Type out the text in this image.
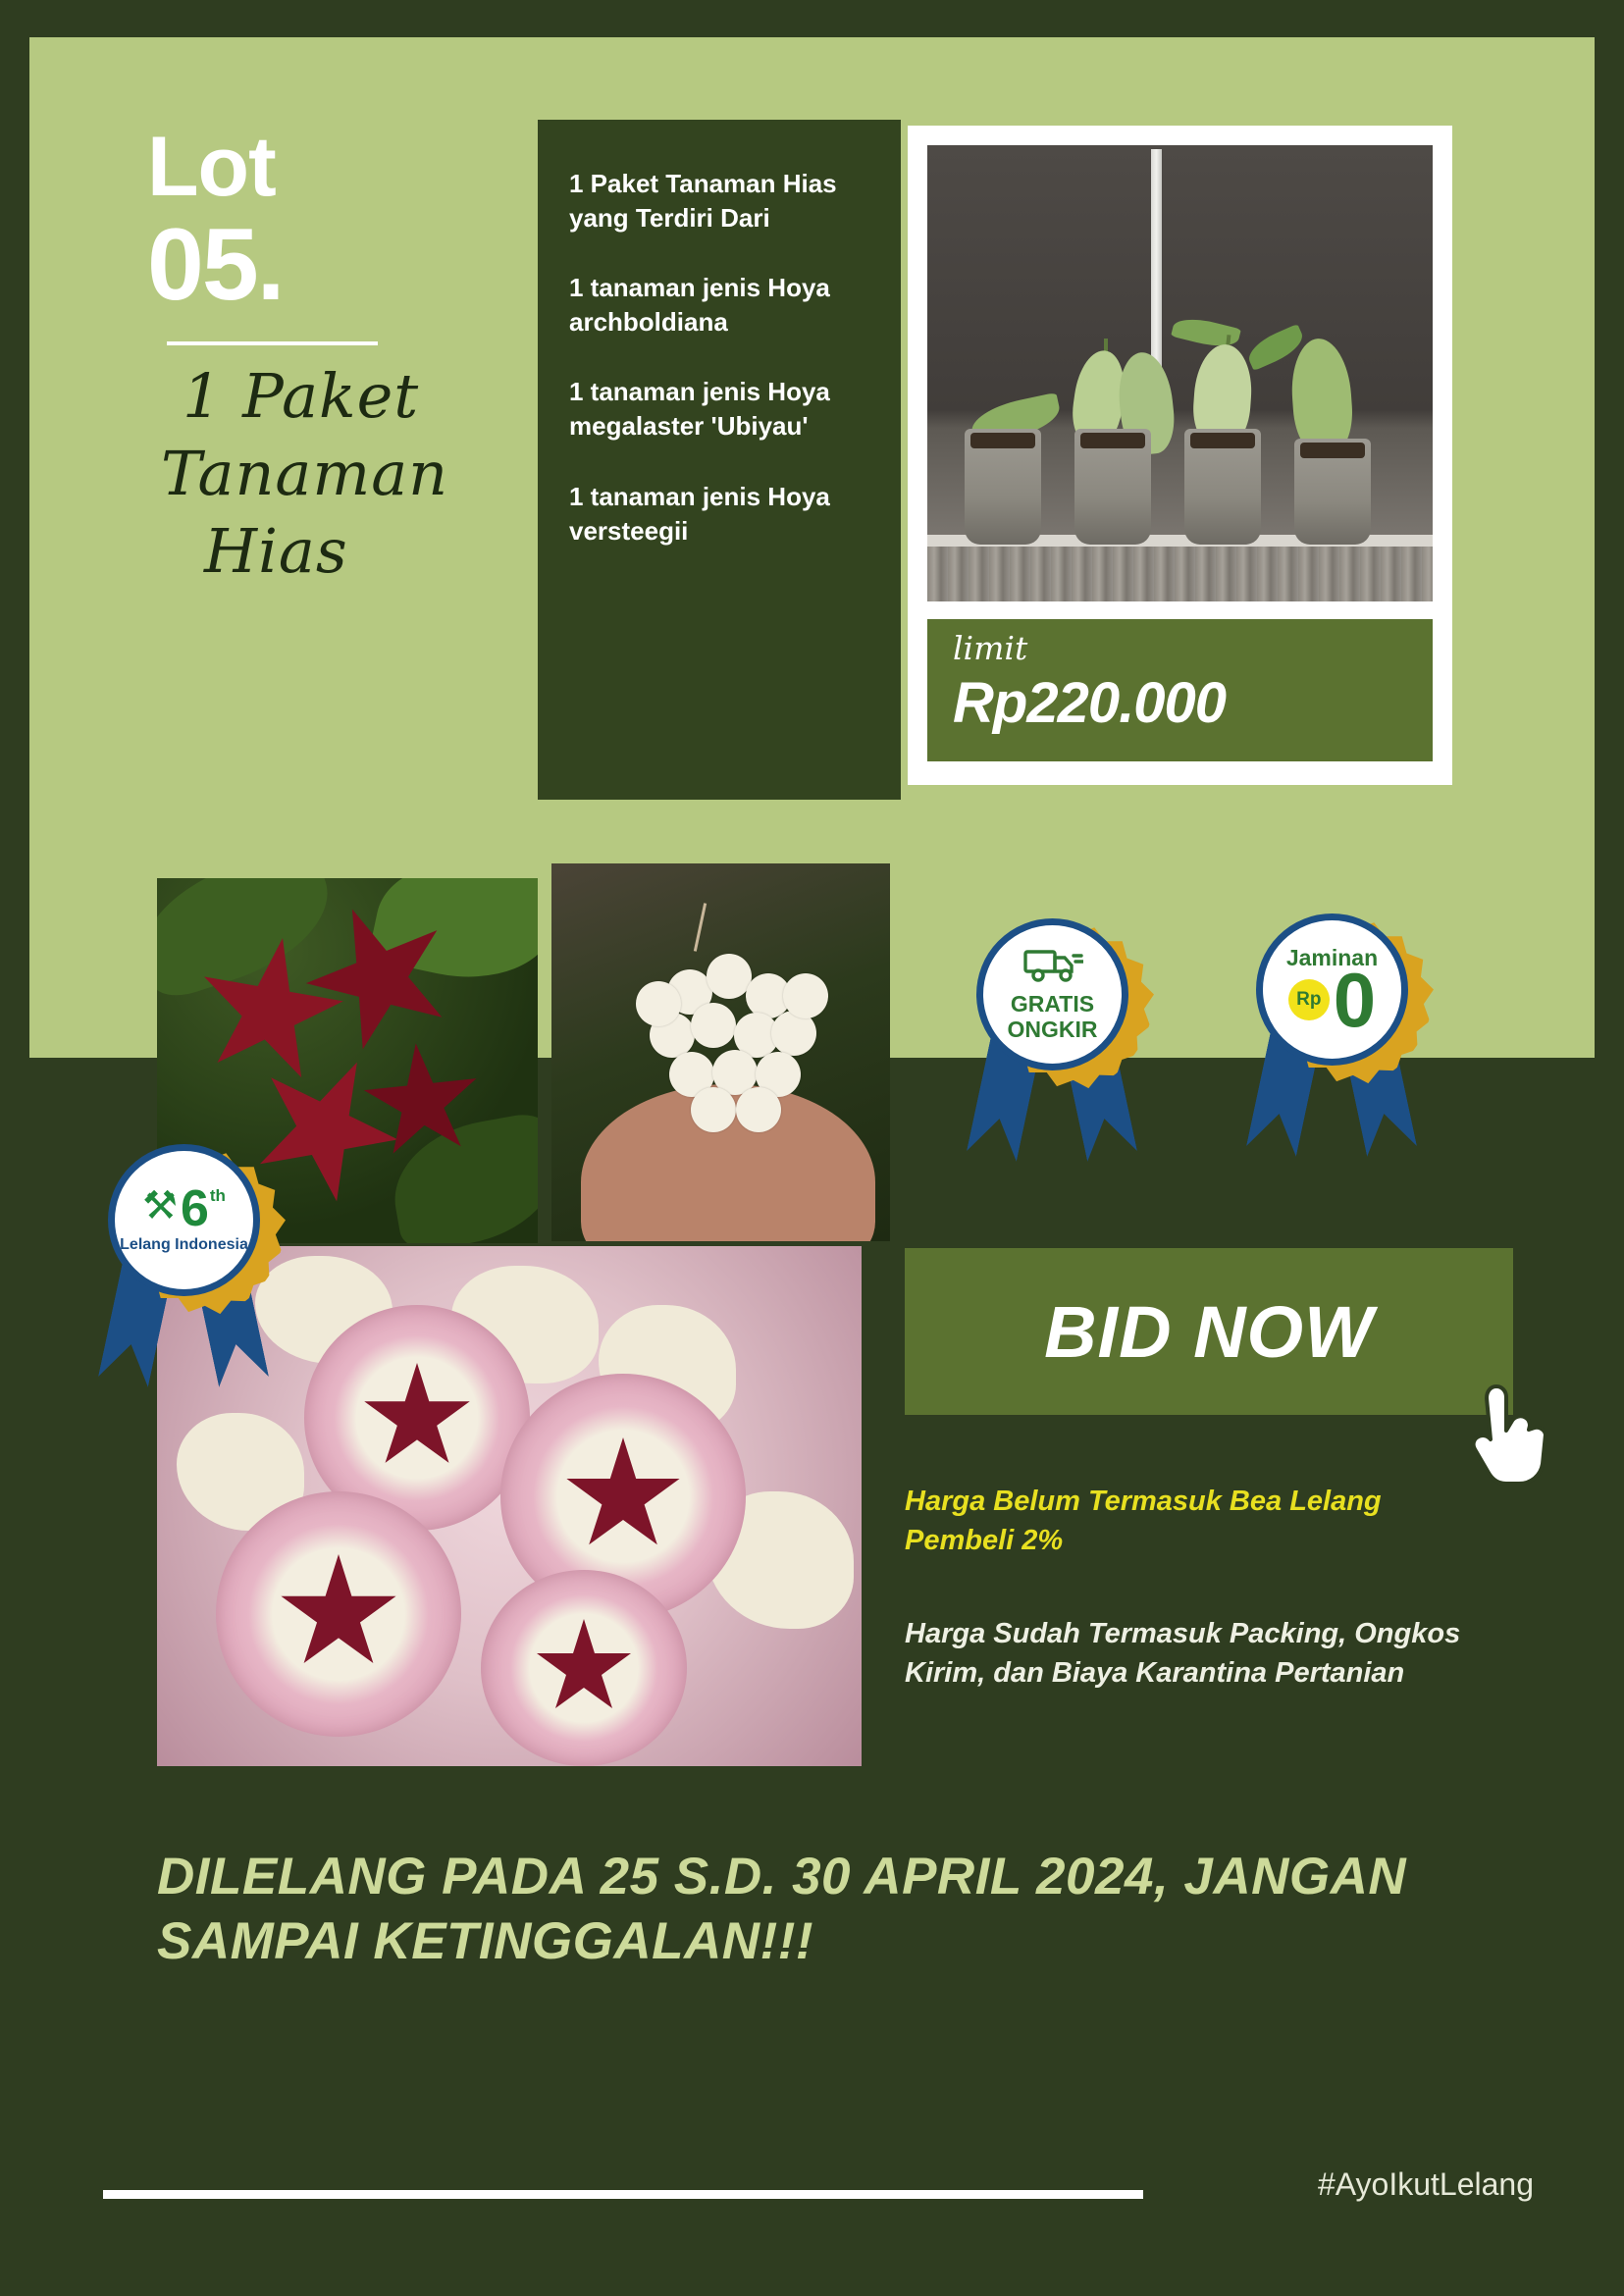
Lot
05.
1 Paket
Tanaman
Hias
1 Paket Tanaman Hias yang Terdiri Dari
1 tanaman jenis Hoya archboldiana
1 tanaman jenis Hoya megalaster 'Ubiyau'
1 tanaman jenis Hoya versteegii
limit
Rp220.000
GRATIS
ONGKIR
Jaminan
Rp 0
⚒ 6 th
Lelang Indonesia
BID NOW
Harga Belum Termasuk Bea Lelang Pembeli 2%
Harga Sudah Termasuk Packing, Ongkos Kirim, dan Biaya Karantina Pertanian
DILELANG PADA 25 S.D. 30 APRIL 2024, JANGAN SAMPAI KETINGGALAN!!!
#AyoIkutLelang
